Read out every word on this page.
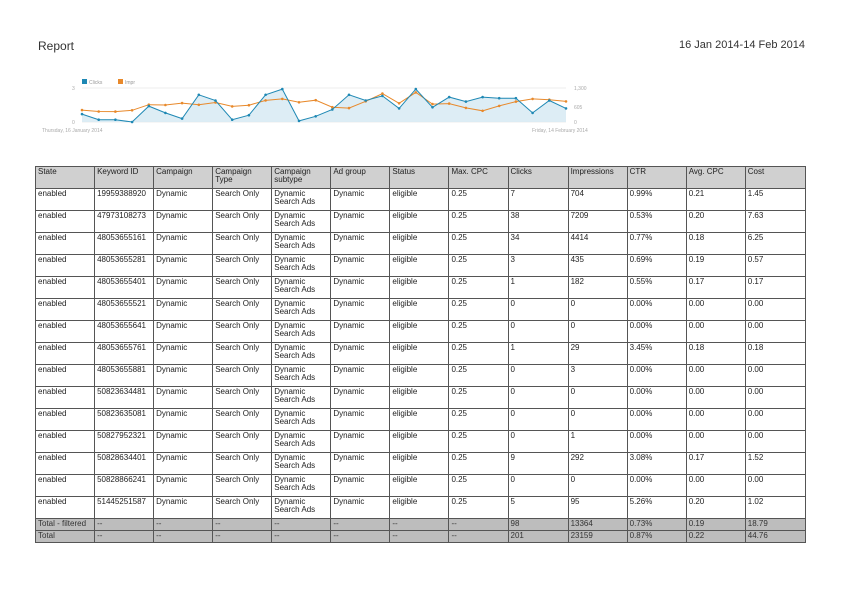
Report	16 Jan 2014-14 Feb 2014
Clicks	Impr
3
0
1,300
605
0
Thursday, 16 January 2014	Friday, 14 February 2014
State	Keyword ID	Campaign	Campaign Type	Campaign subtype	Ad group	Status	Max. CPC	Clicks	Impressions	CTR	Avg. CPC	Cost
enabled	19959388920	Dynamic	Search Only	Dynamic Search Ads	Dynamic	eligible	0.25	7	704	0.99%	0.21	1.45
enabled	47973108273	Dynamic	Search Only	Dynamic Search Ads	Dynamic	eligible	0.25	38	7209	0.53%	0.20	7.63
enabled	48053655161	Dynamic	Search Only	Dynamic Search Ads	Dynamic	eligible	0.25	34	4414	0.77%	0.18	6.25
enabled	48053655281	Dynamic	Search Only	Dynamic Search Ads	Dynamic	eligible	0.25	3	435	0.69%	0.19	0.57
enabled	48053655401	Dynamic	Search Only	Dynamic Search Ads	Dynamic	eligible	0.25	1	182	0.55%	0.17	0.17
enabled	48053655521	Dynamic	Search Only	Dynamic Search Ads	Dynamic	eligible	0.25	0	0	0.00%	0.00	0.00
enabled	48053655641	Dynamic	Search Only	Dynamic Search Ads	Dynamic	eligible	0.25	0	0	0.00%	0.00	0.00
enabled	48053655761	Dynamic	Search Only	Dynamic Search Ads	Dynamic	eligible	0.25	1	29	3.45%	0.18	0.18
enabled	48053655881	Dynamic	Search Only	Dynamic Search Ads	Dynamic	eligible	0.25	0	3	0.00%	0.00	0.00
enabled	50823634481	Dynamic	Search Only	Dynamic Search Ads	Dynamic	eligible	0.25	0	0	0.00%	0.00	0.00
enabled	50823635081	Dynamic	Search Only	Dynamic Search Ads	Dynamic	eligible	0.25	0	0	0.00%	0.00	0.00
enabled	50827952321	Dynamic	Search Only	Dynamic Search Ads	Dynamic	eligible	0.25	0	1	0.00%	0.00	0.00
enabled	50828634401	Dynamic	Search Only	Dynamic Search Ads	Dynamic	eligible	0.25	9	292	3.08%	0.17	1.52
enabled	50828866241	Dynamic	Search Only	Dynamic Search Ads	Dynamic	eligible	0.25	0	0	0.00%	0.00	0.00
enabled	51445251587	Dynamic	Search Only	Dynamic Search Ads	Dynamic	eligible	0.25	5	95	5.26%	0.20	1.02
Total - filtered	--	--	--	--	--	--	--	98	13364	0.73%	0.19	18.79
Total	--	--	--	--	--	--	--	201	23159	0.87%	0.22	44.76
